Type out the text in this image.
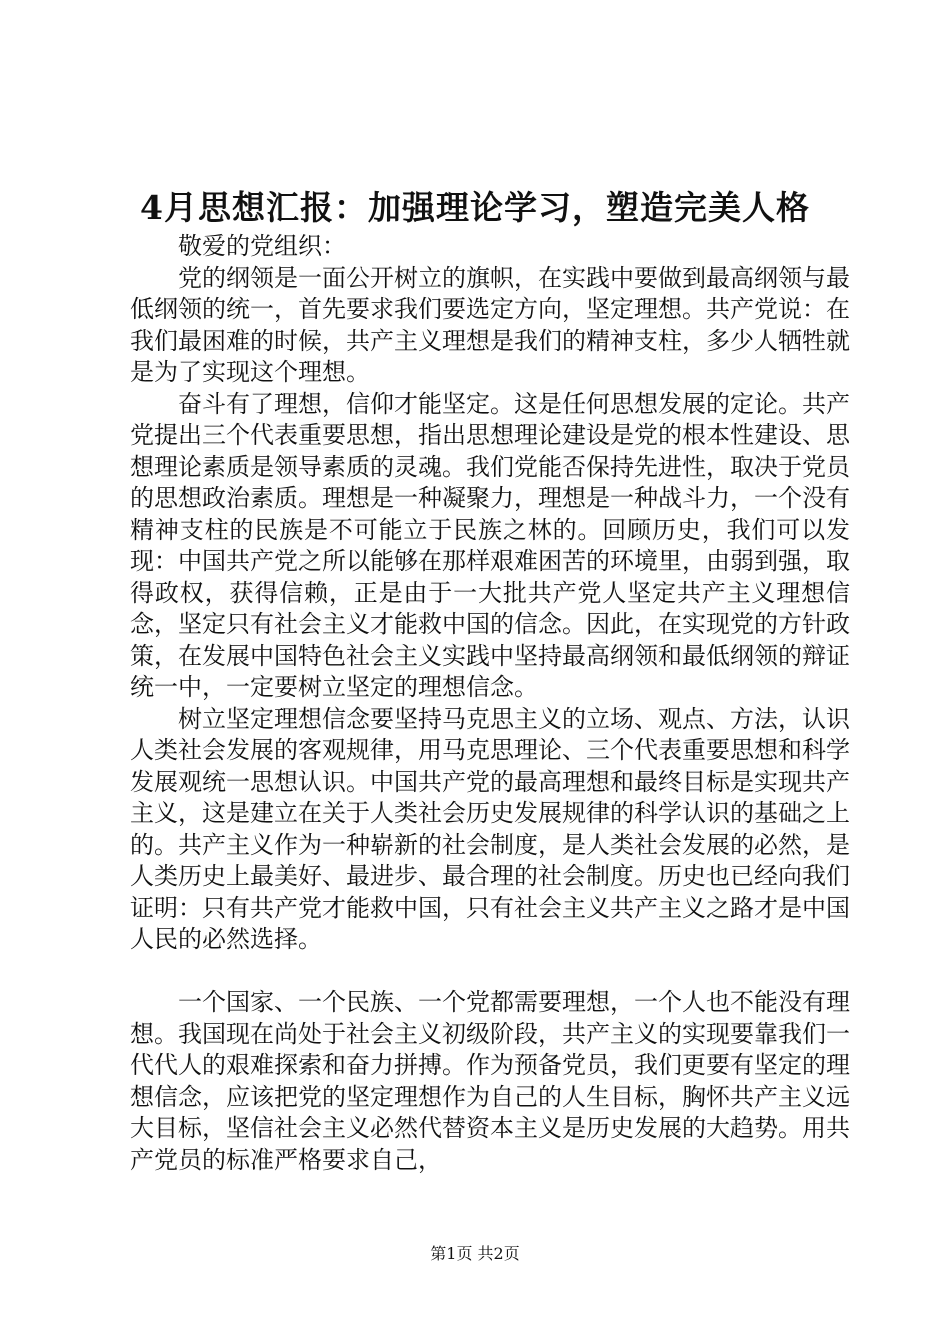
4月思想汇报：加强理论学习，塑造完美人格

敬爱的党组织：

党的纲领是一面公开树立的旗帜，在实践中要做到最高纲领与最低纲领的统一，首先要求我们要选定方向，坚定理想。共产党说：在我们最困难的时候，共产主义理想是我们的精神支柱，多少人牺牲就是为了实现这个理想。

奋斗有了理想，信仰才能坚定。这是任何思想发展的定论。共产党提出三个代表重要思想，指出思想理论建设是党的根本性建设、思想理论素质是领导素质的灵魂。我们党能否保持先进性，取决于党员的思想政治素质。理想是一种凝聚力，理想是一种战斗力，一个没有精神支柱的民族是不可能立于民族之林的。回顾历史，我们可以发现：中国共产党之所以能够在那样艰难困苦的环境里，由弱到强，取得政权，获得信赖，正是由于一大批共产党人坚定共产主义理想信念，坚定只有社会主义才能救中国的信念。因此，在实现党的方针政策，在发展中国特色社会主义实践中坚持最高纲领和最低纲领的辩证统一中，一定要树立坚定的理想信念。

树立坚定理想信念要坚持马克思主义的立场、观点、方法，认识人类社会发展的客观规律，用马克思理论、三个代表重要思想和科学发展观统一思想认识。中国共产党的最高理想和最终目标是实现共产主义，这是建立在关于人类社会历史发展规律的科学认识的基础之上的。共产主义作为一种崭新的社会制度，是人类社会发展的必然，是人类历史上最美好、最进步、最合理的社会制度。历史也已经向我们证明：只有共产党才能救中国，只有社会主义共产主义之路才是中国人民的必然选择。

一个国家、一个民族、一个党都需要理想，一个人也不能没有理想。我国现在尚处于社会主义初级阶段，共产主义的实现要靠我们一代代人的艰难探索和奋力拼搏。作为预备党员，我们更要有坚定的理想信念，应该把党的坚定理想作为自己的人生目标，胸怀共产主义远大目标，坚信社会主义必然代替资本主义是历史发展的大趋势。用共产党员的标准严格要求自己，

第1页 共2页
